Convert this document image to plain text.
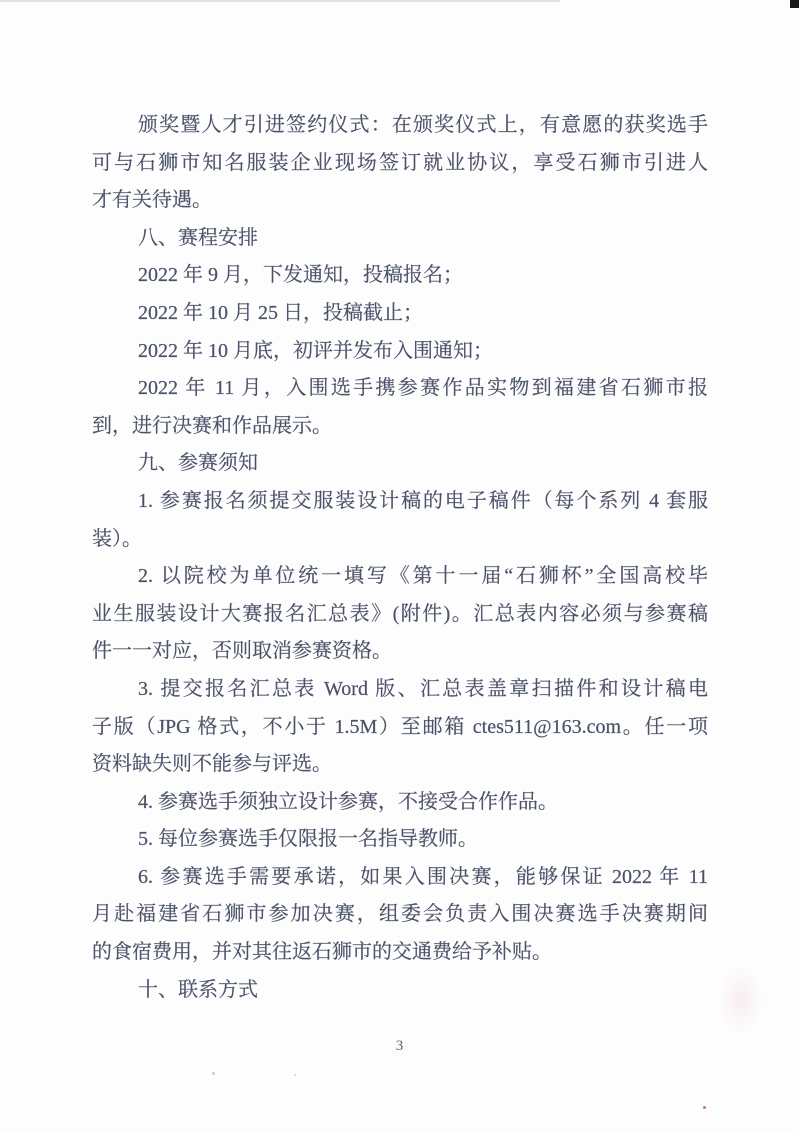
颁奖暨人才引进签约仪式：在颁奖仪式上，有意愿的获奖选手
可与石狮市知名服装企业现场签订就业协议，享受石狮市引进人
才有关待遇。
八、赛程安排
2022 年 9 月，下发通知，投稿报名；
2022 年 10 月 25 日，投稿截止；
2022 年 10 月底，初评并发布入围通知；
2022 年 11 月，入围选手携参赛作品实物到福建省石狮市报
到，进行决赛和作品展示。
九、参赛须知
1. 参赛报名须提交服装设计稿的电子稿件（每个系列 4 套服
装）。
2. 以院校为单位统一填写《第十一届“石狮杯”全国高校毕
业生服装设计大赛报名汇总表》(附件)。汇总表内容必须与参赛稿
件一一对应，否则取消参赛资格。
3. 提交报名汇总表 Word 版、汇总表盖章扫描件和设计稿电
子版（JPG 格式，不小于 1.5M）至邮箱 ctes511@163.com。任一项
资料缺失则不能参与评选。
4. 参赛选手须独立设计参赛，不接受合作作品。
5. 每位参赛选手仅限报一名指导教师。
6. 参赛选手需要承诺，如果入围决赛，能够保证 2022 年 11
月赴福建省石狮市参加决赛，组委会负责入围决赛选手决赛期间
的食宿费用，并对其往返石狮市的交通费给予补贴。
十、联系方式
3
